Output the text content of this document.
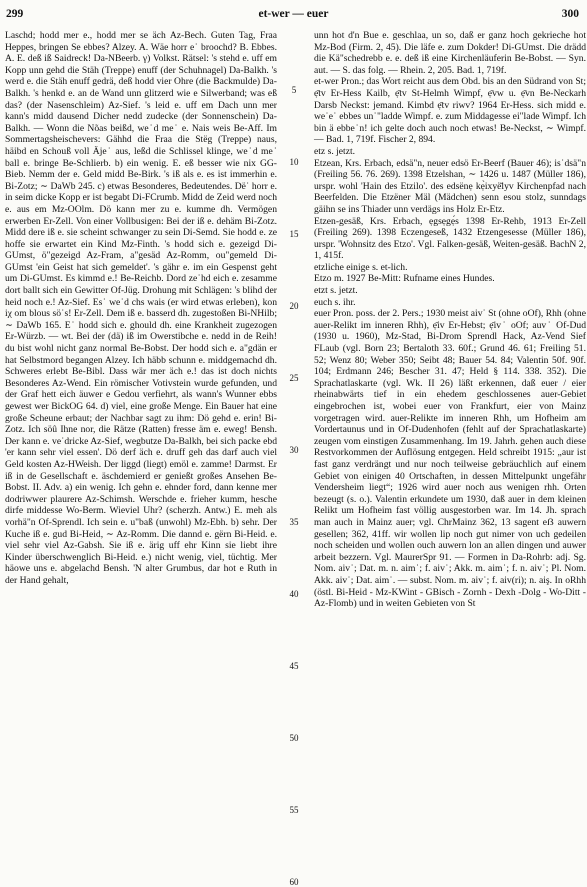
299	et-wer — euer	300

Laschd; hodd mer e., hodd mer se äch Az-Bech. Guten Tag, Fraa Heppes, bringen Se ebbes? Alzey. A. Wäe horr e˙ broochd? B. Ebbes. A. E. deß iß Saidreck! Da-NBeerb. γ) Volkst. Rätsel: 's stehd e. uff em Kopp unn gehd die Stäh (Treppe) enuff (der Schuhnagel) Da-Balkh. 's werd e. die Stäh enuff gedrä, deß hodd vier Ohre (die Backmulde) Da-Balkh. 's henkd e. an de Wand unn glitzerd wie e Silwerband; was eß das? (der Nasenschleim) Az-Sief. 's leid e. uff em Dach unn mer kann's midd dausend Dicher nedd zudecke (der Sonnenschein) Da-Balkh. — Wonn die Nõas beißd, we˙d me˙ e. Nais weis Be-Aff. Im Sommertagsheischevers: Gähhd die Fraa die Stëg (Treppe) naus, häibd en Schouß voll Äje˙ aus, leßd die Schlissel klinge, we˙d me˙ ball e. bringe Be-Schlierb. b) ein wenig. E. eß besser wie nix GG-Bieb. Nemm der e. Geld midd Be-Birk. 's iß als e. es ist immerhin e. Bi-Zotz; ∼ DaWb 245. c) etwas Besonderes, Bedeutendes. Dë˙ horr e. in seim dicke Kopp er ist begabt Di-FCrumb. Midd de Zeid werd noch e. aus em Mz-OOlm. Dö kann mer zu e. kumme dh. Vermögen erwerben Er-Zell. Von einer Vollbusigen: Bei der iß e. dehäm Bi-Zotz. Midd dere iß e. sie scheint schwanger zu sein Di-Semd. Sie hodd e. ze hoffe sie erwartet ein Kind Mz-Finth. 's hodd sich e. gezeigd Di-GUmst, ö"gezeigd Az-Fram, a"gesäd Az-Romm, ou"gemeld Di-GUmst 'ein Geist hat sich gemeldet'. 's gähr e. im ein Gespenst geht um Di-GUmst. Es kimmd e.! Be-Reichb. Dord ze˙hd eich e. zesamme dort ballt sich ein Gewitter Of-Jüg. Drohung mit Schlägen: 's blihd der heid noch e.! Az-Sief. Es˙ we˙d chs wais (er wird etwas erleben), kon iχ om blous sö˙s! Er-Zell. Dem iß e. basserd dh. zugestoßen Bi-NHilb; ∼ DaWb 165. E˙ hodd sich e. ghould dh. eine Krankheit zugezogen Er-Würzb. — wt. Bei der (dä) iß im Owerstibche e. nedd in de Reih! du bist wohl nicht ganz normal Be-Bobst. Der hodd sich e. a"gdän er hat Selbstmord begangen Alzey. Ich häbb schunn e. middgemachd dh. Schweres erlebt Be-Bibl. Dass wär mer äch e.! das ist doch nichts Besonderes Az-Wend. Ein römischer Votivstein wurde gefunden, und der Graf hett eich äuwer e Gedou verfiehrt, als wann's Wunner ebbs gewest wer BickOG 64. d) viel, eine große Menge. Ein Bauer hat eine große Scheune erbaut; der Nachbar sagt zu ihm: Dö gehd e. erin! Bi-Zotz. Ich söû Ihne nor, die Rätze (Ratten) fresse äm e. eweg! Bensh. Der kann e. ve˙dricke Az-Sief, wegbutze Da-Balkh, bei sich packe ebd 'er kann sehr viel essen'. Dö derf äch e. druff geh das darf auch viel Geld kosten Az-HWeish. Der liggd (liegt) emöl e. zamme! Darmst. Er iß in de Gesellschaft e. äschdemierd er genießt großes Ansehen Be-Bobst. II. Adv. a) ein wenig. Ich gehn e. ehnder ford, dann kenne mer dodriwwer plaurere Az-Schimsh. Werschde e. frieher kumm, hesche dirfe middesse Wo-Berm. Wieviel Uhr? (scherzh. Antw.) E. meh als vorhä"n Of-Sprendl. Ich sein e. u"baß (unwohl) Mz-Ebh. b) sehr. Der Kuche iß e. gud Bi-Heid, ∼ Az-Romm. Die dannd e. gërn Bi-Heid. e. viel sehr viel Az-Gabsh. Sie iß e. ärig uff ehr Kinn sie liebt ihre Kinder überschwenglich Bi-Heid. e.) nicht wenig, viel, tüchtig. Mer häowe uns e. abgelachd Bensh. 'N alter Grumbus, dar hot e Ruth in der Hand gehalt,

5
10
15
20
25
30
35
40
45
50
55
60

unn hot d'n Bue e. geschlaa, un so, daß er ganz hoch gekrieche hot Mz-Bod (Firm. 2, 45). Die läfe e. zum Dokder! Di-GUmst. Die drädd die Kä"schedrebb e. e. deß iß eine Kirchenläuferin Be-Bobst. — Syn. aut. — S. das folg. — Rhein. 2, 205. Bad. 1, 719f.

et-wer Pron.; das Wort reicht aus dem Obd. bis an den Südrand von St; ẹ̄tv Er-Hess Kailb, ẹ̄tv St-Helmh Wimpf, ẹ̄vw u. ẹ̄vn Be-Neckarh Darsb Neckst: jemand. Kimbd ẹ̄tv riwv? 1964 Er-Hess. sich midd e. we˙e˙ ebbes un˙"ladde Wimpf. e. zum Middagesse ei"lade Wimpf. Ich bin ä ebbe˙n! ich gelte doch auch noch etwas! Be-Neckst, ∼ Wimpf. — Bad. 1, 719f. Fischer 2, 894.

etz s. jetzt.

Etzean, Krs. Erbach, edsä"n, neuer edsö Er-Beerf (Bauer 46); is˙dsä"n (Freiling 56. 76. 269). 1398 Etzelshan, ∼ 1426 u. 1487 (Müller 186), urspr. wohl 'Hain des Etzilo'. des edsënẹ kẹ̀ixyë̄lyv Kirchenpfad nach Beerfelden. Die Etzëner Mäl (Mädchen) senn esou stolz, sunndags gäihn se ins Thiader unn verdägs ins Holz Er-Etz.

Etzen-gesäß, Krs. Erbach, ẹgsẹgẹ́s 1398 Er-Rehb, 1913 Er-Zell (Freiling 269). 1398 Eczengeseß, 1432 Etzengesesse (Müller 186), urspr. 'Wohnsitz des Etzo'. Vgl. Falken-gesäß, Weiten-gesäß. BachN 2, 1, 415f.

etzliche einige s. et-lich.

Etzo m. 1927 Be-Mitt: Rufname eines Hundes.

etzt s. jetzt.

euch s. ihr.

euer Pron. poss. der 2. Pers.; 1930 meist aiv˙ St (ohne oOf), Rhh (ohne auer-Relikt im inneren Rhh), ẹ̄iv Er-Hebst; ẹ̄iv˙ oOf; auv˙ Of-Dud (1930 u. 1960), Mz-Stad, Bi-Drom Sprendl Hack, Az-Vend Sief FLaub (vgl. Born 23; Bertaloth 33. 60f.; Grund 46. 61; Freiling 51. 52; Wenz 80; Weber 350; Seibt 48; Bauer 54. 84; Valentin 50f. 90f. 104; Erdmann 246; Bescher 31. 47; Held § 114. 338. 352). Die Sprachatlaskarte (vgl. Wk. II 26) läßt erkennen, daß euer / eier rheinabwärts tief in ein ehedem geschlossenes auer-Gebiet eingebrochen ist, wobei euer von Frankfurt, eier von Mainz vorgetragen wird. auer-Relikte im inneren Rhh, um Hofheim am Vordertaunus und in Of-Dudenhofen (fehlt auf der Sprachatlaskarte) zeugen vom einstigen Zusammenhang. Im 19. Jahrh. gehen auch diese Restvorkommen der Auflösung entgegen. Held schreibt 1915: „aur ist fast ganz verdrängt und nur noch teilweise gebräuchlich auf einem Gebiet von einigen 40 Ortschaften, in dessen Mittelpunkt ungefähr Vendersheim liegt“; 1926 wird auer noch aus wenigen rhh. Orten bezeugt (s. o.). Valentin erkundete um 1930, daß auer in dem kleinen Relikt um Hofheim fast völlig ausgestorben war. Im 14. Jh. sprach man auch in Mainz auer; vgl. ChrMainz 362, 13 sagent eẞ auwern gesellen; 362, 41ff. wir wollen lip noch gut nimer von uch gedeilen noch scheiden und wollen ouch auwern lon an allen dingen und auwer arbeit bezzern. Vgl. MaurerSpr 91. — Formen in Da-Rohrb: adj. Sg. Nom. aiv˙; Dat. m. n. aim˙; f. aiv˙; Akk. m. aim˙; f. n. aiv˙; Pl. Nom. Akk. aiv˙; Dat. aim˙. — subst. Nom. m. aiv˙; f. aiv(ri); n. aiş. In oRhh (östl. Bi-Heid - Mz-KWint - GBisch - Zornh - Dexh -Dolg - Wo-Ditt - Az-Flomb) und in weiten Gebieten von St
